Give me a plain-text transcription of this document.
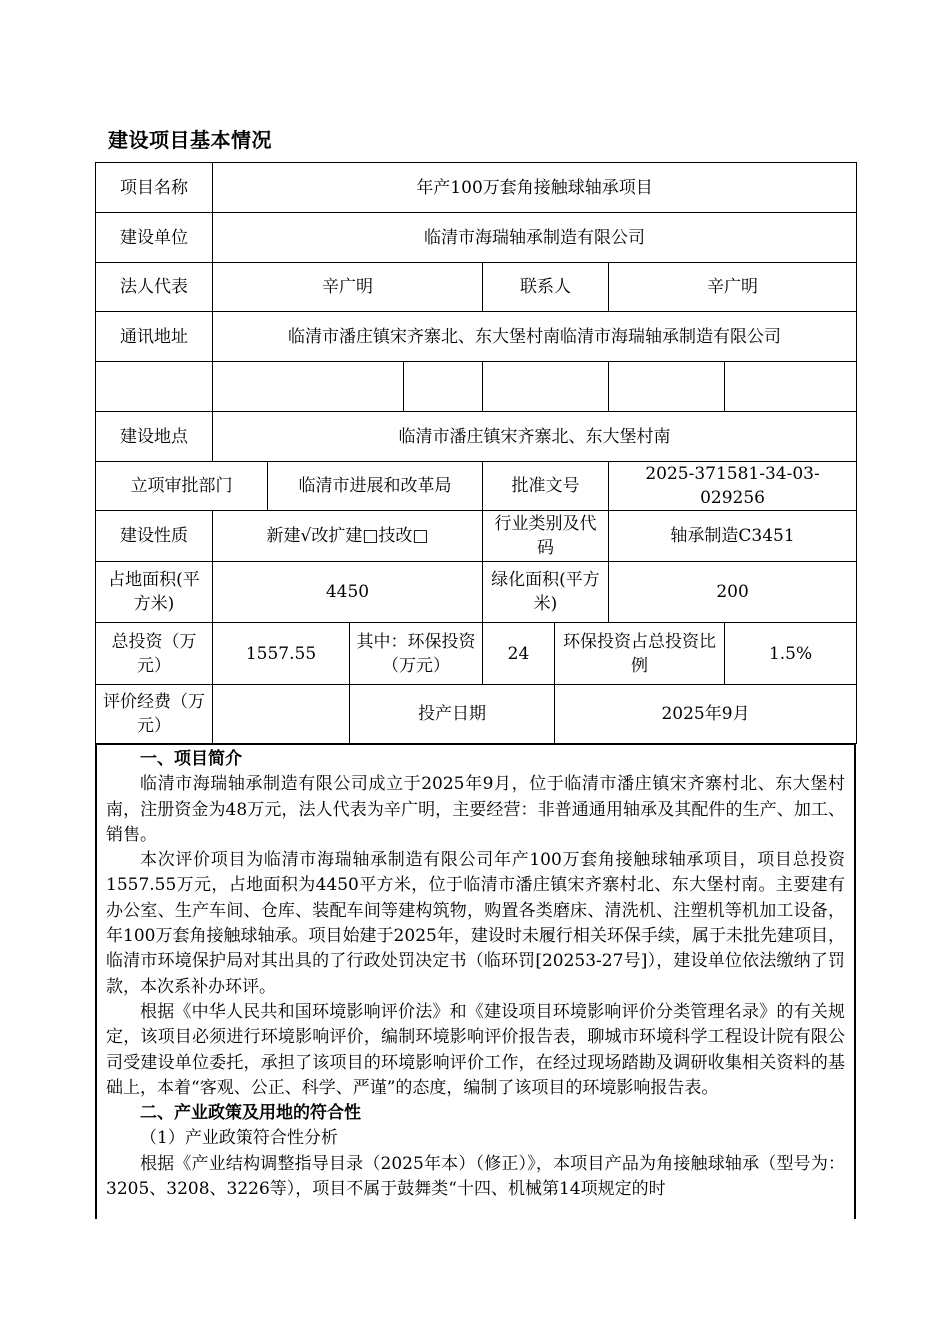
建设项目基本情况
项目名称	年产100万套角接触球轴承项目							
建设单位	临清市海瑞轴承制造有限公司							
法人代表	辛广明				联系人		辛广明	
通讯地址	临清市潘庄镇宋齐寨北、东大堡村南临清市海瑞轴承制造有限公司							

建设地点	临清市潘庄镇宋齐寨北、东大堡村南							
立项审批部门		临清市进展和改革局			批准文号		2025-371581-34-03-029256	
建设性质	新建√改扩建□技改□				行业类别及代码		轴承制造C3451	
占地面积(平方米)	4450				绿化面积(平方米)		200	
总投资（万元）	1557.55		其中：环保投资（万元）		24	环保投资占总投资比例		1.5%
评价经费（万元）			投产日期			2025年9月		
一、项目简介

临清市海瑞轴承制造有限公司成立于2025年9月，位于临清市潘庄镇宋齐寨村北、东大堡村南，注册资金为48万元，法人代表为辛广明，主要经营：非普通通用轴承及其配件的生产、加工、销售。

本次评价项目为临清市海瑞轴承制造有限公司年产100万套角接触球轴承项目，项目总投资1557.55万元，占地面积为4450平方米，位于临清市潘庄镇宋齐寨村北、东大堡村南。主要建有办公室、生产车间、仓库、装配车间等建构筑物，购置各类磨床、清洗机、注塑机等机加工设备，年100万套角接触球轴承。项目始建于2025年，建设时未履行相关环保手续，属于未批先建项目，临清市环境保护局对其出具的了行政处罚决定书（临环罚[20253-27号]），建设单位依法缴纳了罚款，本次系补办环评。

根据《中华人民共和国环境影响评价法》和《建设项目环境影响评价分类管理名录》的有关规定，该项目必须进行环境影响评价，编制环境影响评价报告表，聊城市环境科学工程设计院有限公司受建设单位委托，承担了该项目的环境影响评价工作，在经过现场踏勘及调研收集相关资料的基础上，本着“客观、公正、科学、严谨”的态度，编制了该项目的环境影响报告表。

二、产业政策及用地的符合性

（1）产业政策符合性分析

根据《产业结构调整指导目录（2025年本）（修正）》，本项目产品为角接触球轴承（型号为：3205、3208、3226等），项目不属于鼓舞类“十四、机械第14项规定的时
